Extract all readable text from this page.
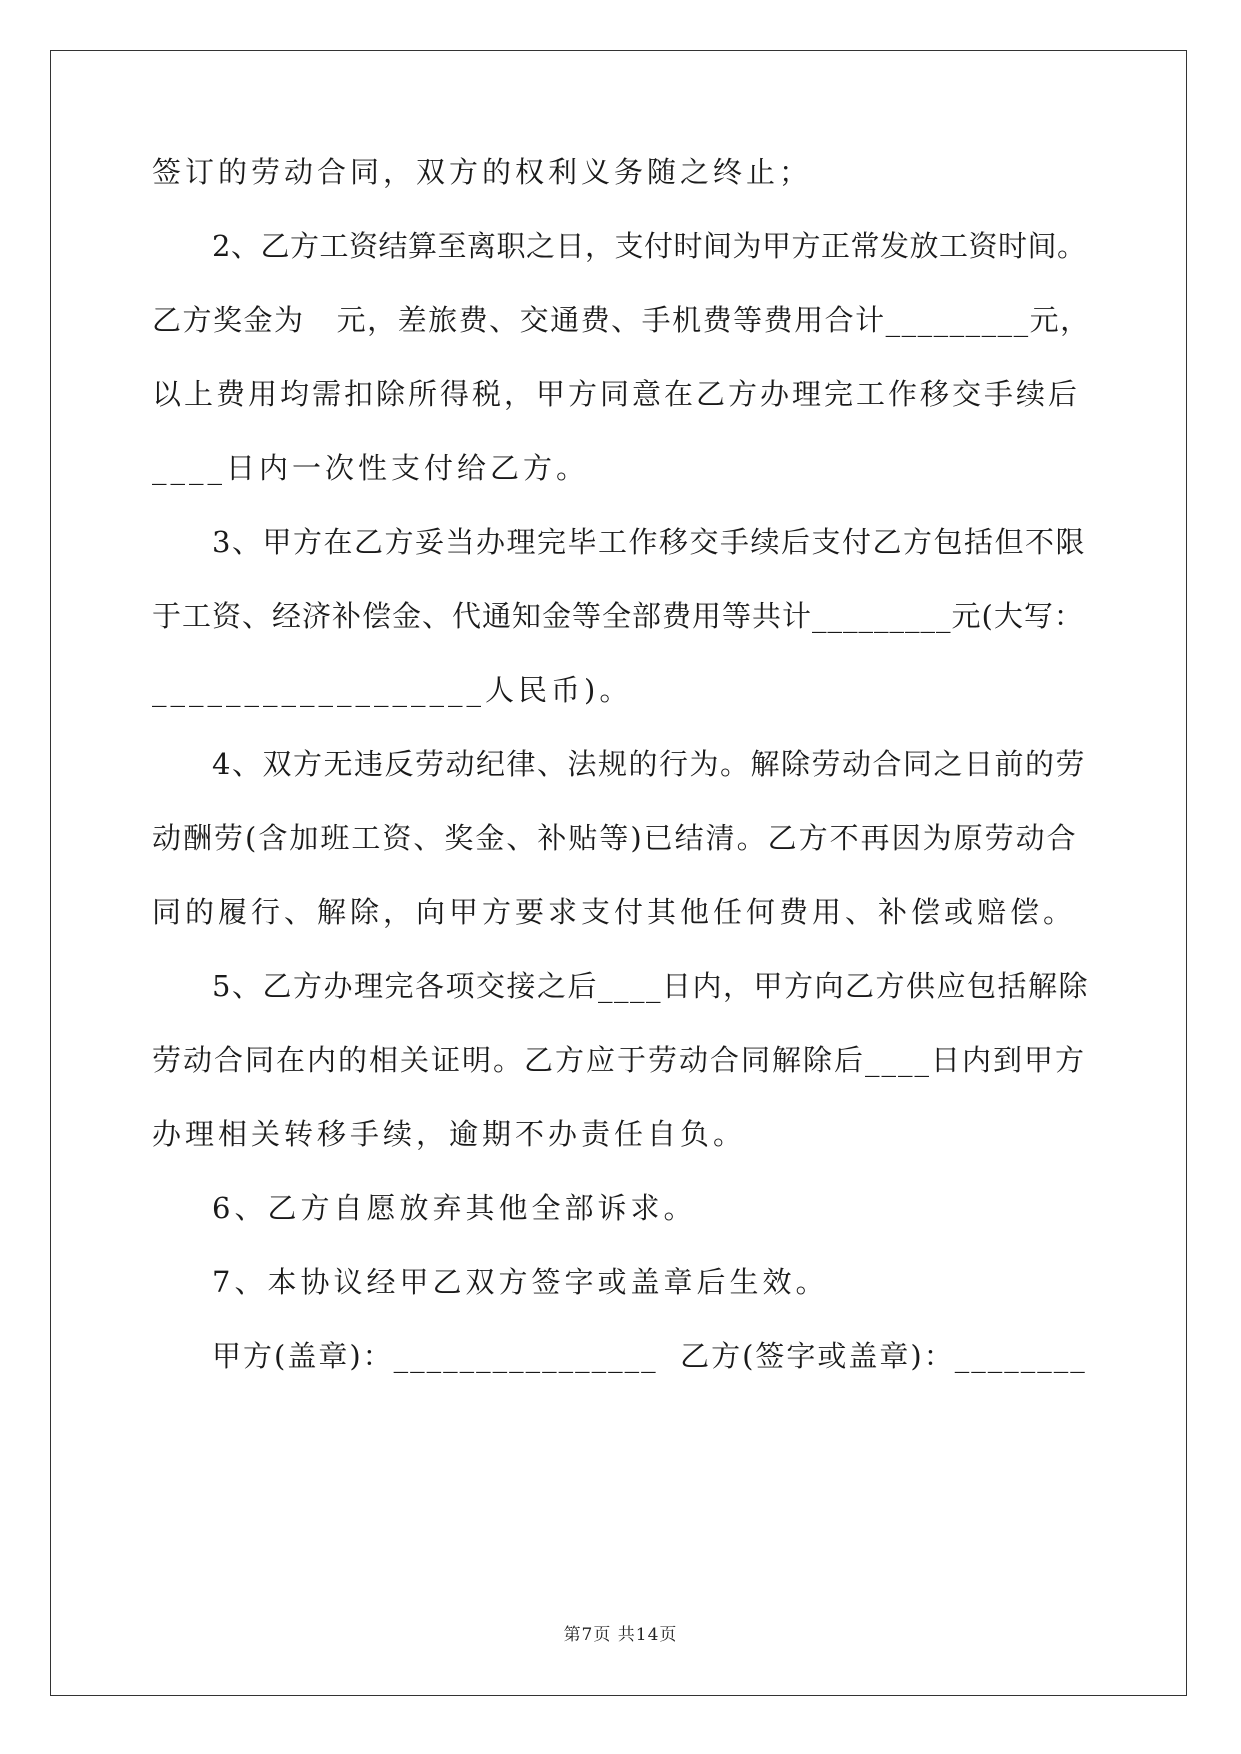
签订的劳动合同，双方的权利义务随之终止；
2、乙方工资结算至离职之日，支付时间为甲方正常发放工资时间。
乙方奖金为   元，差旅费、交通费、手机费等费用合计_________元，
以上费用均需扣除所得税，甲方同意在乙方办理完工作移交手续后
____日内一次性支付给乙方。
3、甲方在乙方妥当办理完毕工作移交手续后支付乙方包括但不限
于工资、经济补偿金、代通知金等全部费用等共计_________元(大写：
__________________人民币)。
4、双方无违反劳动纪律、法规的行为。解除劳动合同之日前的劳
动酬劳(含加班工资、奖金、补贴等)已结清。乙方不再因为原劳动合
同的履行、解除，向甲方要求支付其他任何费用、补偿或赔偿。
5、乙方办理完各项交接之后____日内，甲方向乙方供应包括解除
劳动合同在内的相关证明。乙方应于劳动合同解除后____日内到甲方
办理相关转移手续，逾期不办责任自负。
6、乙方自愿放弃其他全部诉求。
7、本协议经甲乙双方签字或盖章后生效。
甲方(盖章)：________________  乙方(签字或盖章)：________
第7页 共14页
